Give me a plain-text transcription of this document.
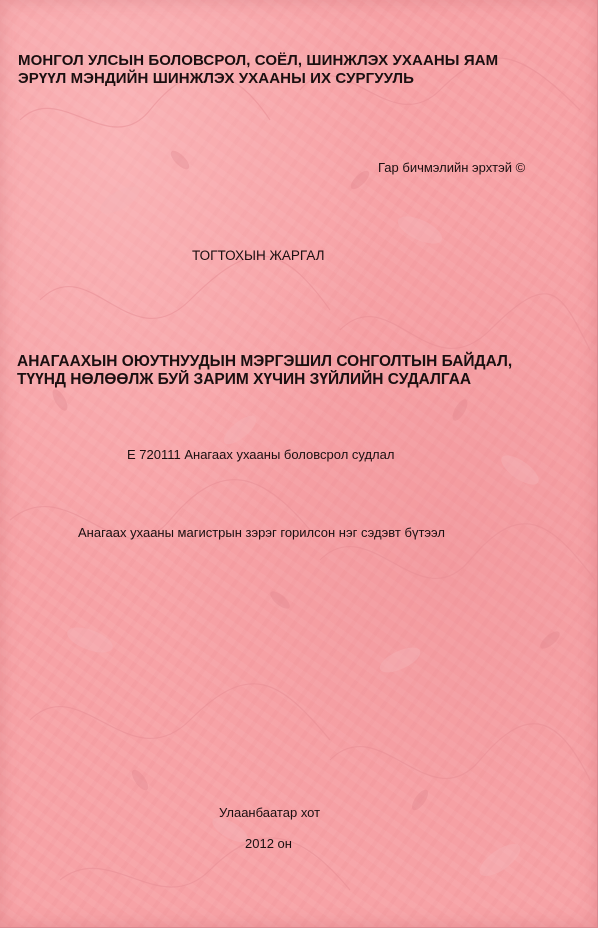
МОНГОЛ УЛСЫН БОЛОВСРОЛ, СОЁЛ, ШИНЖЛЭХ УХААНЫ ЯАМ

ЭРҮҮЛ МЭНДИЙН ШИНЖЛЭХ УХААНЫ ИХ СУРГУУЛЬ

Гар бичмэлийн эрхтэй ©

ТОГТОХЫН ЖАРГАЛ

АНАГААХЫН ОЮУТНУУДЫН МЭРГЭШИЛ СОНГОЛТЫН БАЙДАЛ,

ТҮҮНД НӨЛӨӨЛЖ БУЙ ЗАРИМ ХҮЧИН ЗҮЙЛИЙН СУДАЛГАА

Е 720111 Анагаах ухааны боловсрол судлал

Анагаах ухааны магистрын зэрэг горилсон нэг сэдэвт бүтээл

Улаанбаатар хот

2012 он
